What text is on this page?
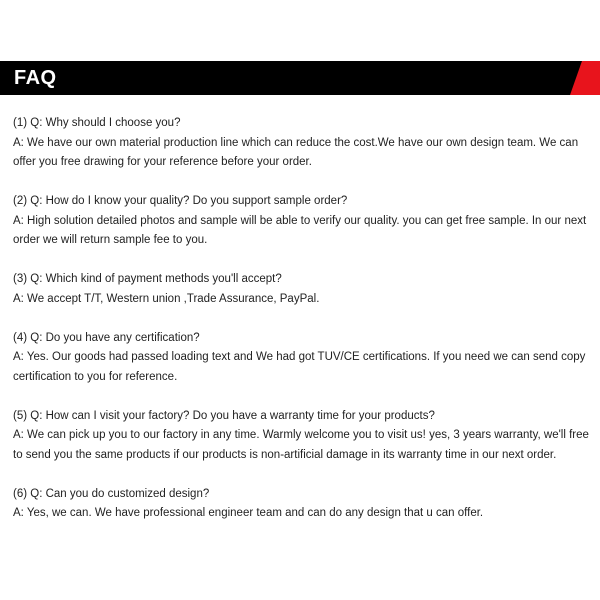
FAQ
(1) Q: Why should I choose you?
A: We have our own material production line which can reduce the cost.We have our own design team. We can offer you free drawing for your reference before your order.
(2) Q: How do I know your quality? Do you support sample order?
A: High solution detailed photos and sample will be able to verify our quality. you can get free sample. In our next order we will return sample fee to you.
(3) Q: Which kind of payment methods you'll accept?
A: We accept T/T, Western union ,Trade Assurance, PayPal.
(4) Q: Do you have any certification?
A: Yes. Our goods had passed loading text and We had got TUV/CE certifications. If you need we can send copy certification to you for reference.
(5) Q: How can I visit your factory? Do you have a warranty time for your products?
A: We can pick up you to our factory in any time. Warmly welcome you to visit us! yes, 3 years warranty, we'll free to send you the same products if our products is non-artificial damage in its warranty time in our next order.
(6) Q: Can you do customized design?
A: Yes, we can. We have professional engineer team and can do any design that u can offer.
